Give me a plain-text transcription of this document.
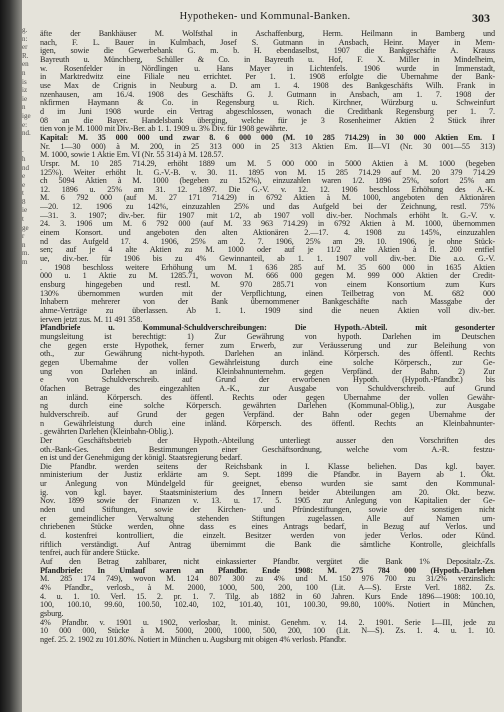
g.
n:
er
R.
en
n
is
iz
ie
n
ige
e:
nd.

.
h
nd
e
e
t
8
ie
t
ge
r
n
m.
m
Hypotheken- und Kommunal-Banken.	303
äfte der Bankhäuser M. Wolfsthal in Aschaffenburg, Herm. Heilmann in Bamberg und
nach, F. L. Bauer in Kulmbach, Josef S. Gutmann in Ansbach, Heinr. Mayer in Mem-
igen, sowie die Gewerbebank G. m. b. H. ebendaselbst, 1907 die Bankgeschäfte A. Krauss
Bayreuth u. Münchberg, Schüller & Co. in Bayreuth u. Hof, F. X. Miller in Mindelheim,
w. Rosenfelder in Nördlingen u. Hans Mayer in Lichtenfels. 1906 wurde in Immenstadt,
in Marktredwitz eine Filiale neu errichtet. Per 1. 1. 1908 erfolgte die Übernahme der Bank-
use Max de Crignis in Neuburg a. D. am 1. 4. 1908 des Bankgeschäfts Wilh. Frank in
nzenhausen, am 16./4. 1908 des Geschäfts G. J. Gutmann in Ansbach, am 1. 7. 1908 der
nkfirmen Haymann & Co. in Regensburg u. Rich. Kirchner, Würzburg u. Schweinfurt
d im Juni 1908 wurde ein Vertrag abgeschlossen, wonach die Creditbank Regensburg per 1. 7.
08 an die Bayer. Handelsbank überging, welche für je 3 Rosenheimer Aktien 2 Stück ihrer
tien von je M. 1000 mit Div.-Ber. ab 1. 1. 1909 u. 3% Div. für 1908 gewährte.
Kapital: M. 35 000 000 und zwar 8. 6 000 000 (M. 10 285 714.29) in 30 000 Aktien Em. I
Nr. 1—30 000) à M. 200, in 25 313 000 in 25 313 Aktien Em. II—VI (Nr. 30 001—55 313)
M. 1000, sowie 1 Aktie Em. VI (Nr. 55 314) à M. 128.57.
Urspr. M. 10 285 714.29, erhöht 1889 um M. 5 000 000 in 5000 Aktien à M. 1000 (begeben
125%). Weiter erhöht lt. G.-V.-B. v. 30. 11. 1895 von M. 15 285 714.29 auf M. 20 379 714.29
ch 5094 Aktien à M. 1000 (begeben zu 152%), einzuzahlen waren 1/2. 1896 25%, sofort 25% am
12. 1896 u. 25% am 31. 12. 1897. Die G.-V. v. 12. 12. 1906 beschloss Erhöhung des A.-K.
M. 6 792 000 (auf M. 27 171 714.29) in 6792 Aktien à M. 1000, angeboten den Aktionären
—20. 12. 1906 zu 142%, einzuzahlen 25% und das Aufgeld bei der Zeichnung, restl. 75%
—31. 3. 1907; div.-ber. für 1907 mit 1/2, ab 1907 voll div.-ber. Nochmals erhöht lt. G.-V. v.
24. 3. 1906 um M. 6 792 000 (auf M. 33 963 714.29) in 6792 Aktien à M. 1000, übernommen
einem Konsort. und angeboten den alten Aktionären 2.—17. 4. 1908 zu 145%, einzuzahlen
nd das Aufgeld 17. 4. 1906, 25% am 2. 7. 1906, 25% am 29. 10. 1906, je ohne Stück-
sen; auf je 4 alte Aktien zu M. 1000 oder auf je 11/2 alte Aktien à fl. 200 entfiel
ue, div.-ber. für 1906 bis zu 4% Gewinnanteil, ab 1. 1. 1907 voll div.-ber. Die a.o. G.-V.
. 1908 beschloss weitere Erhöhung um M. 1 636 285 auf M. 35 600 000 in 1635 Aktien
000 u. 1 Aktie zu M. 1285.71, wovon M. 666 000 gegen M. 999 000 Aktien der Credit-
ensburg hingegeben und restl. M. 970 285.71 von einem Konsortium zum Kurs
130% übernommen wurden mit der Verpflichtung, einen Teilbetrag von M. 682 000
Inhabern mehrerer von der Bank übernommener Bankgeschäfte nach Massgabe der
ahme-Verträge zu überlassen. Ab 1. 1. 1909 sind die neuen Aktien voll div.-ber.
ierwen jetzt zus. M. 11 491 358.
Pfandbriefe u. Kommunal-Schuldverschreibungen: Die Hypoth.-Abteil. mit gesonderter
mungsleitung ist berechtigt: 1) Zur Gewährung von hypoth. Darlehen im Deutschen
che gegen erste Hypothek, ferner zum Erwerb, zur Veräusserung und zur Beleihung von
oth., zur Gewährung nicht-hypoth. Darlehen an inländ. Körpersch. des öffentl. Rechts
gegen Übernahme der vollen Gewährleistung durch eine solche Körpersch., zur Ge-
ung von Darlehen an inländ. Kleinbahnunternehm. gegen Verpfänd. der Bahn. 2) Zur
e von Schuldverschreib. auf Grund der erworbenen Hypoth. (Hypoth.-Pfandbr.) bis
0fachen Betrage des eingezahlten A.-K., zur Ausgabe von Schuldverschreib. auf Grund
an inländ. Körpersch. des öffentl. Rechts oder gegen Übernahme der vollen Gewähr-
ng durch eine solche Körpersch. gewährten Darlehen (Kommunal-Oblig.), zur Ausgabe
huldverschreib. auf Grund der gegen Verpfänd. der Bahn oder gegen Übernahme der
n Gewährleistung durch eine inländ. Körpersch. des öffentl. Rechts an Kleinbahnunter-
. gewährten Darlehen (Kleinbahn-Oblig.).
Der Geschäftsbetrieb der Hypoth.-Abteilung unterliegt ausser den Vorschriften des
oth.-Bank-Ges. den Bestimmungen einer Geschäftsordnung, welche vom A.-R. festzu-
en ist und der Genehmigung der königl. Staatsregierung bedarf.
Die Pfandbr. werden seitens der Reichsbank in I. Klasse beliehen. Das kgl. bayer.
nministerium der Justiz erklärte am 9. Sept. 1899 die Pfandbr. in Bayern ab 1. Okt.
ur Anlegung von Mündelgeld für geeignet, ebenso wurden sie samt den Kommunal-
ig. von kgl. bayer. Staatsministerium des Innern beider Abteilungen am 20. Okt. bezw.
Nov. 1899 sowie der Finanzen v. 13. u. 17. 5. 1905 zur Anlegung von Kapitalien der Ge-
nden und Stiftungen, sowie der Kirchen- und Pfründestiftungen, sowie der sonstigen nicht
er gemeindlicher Verwaltung stehenden Stiftungen zugelassen. Alle auf Namen um-
chriebenen Stücke werden, ohne dass es eines Antrags bedarf, in Bezug auf Verlos. und
d. kostenfrei kontrolliert, die einzelt. Besitzer werden von jeder Verlos. oder Künd.
riftlich verständigt. Auf Antrag übernimmt die Bank die sämtliche Kontrolle, gleichfalls
tenfrei, auch für andere Stücke.
Auf den Betrag zahlbarer, nicht einkassierter Pfandbr. vergütet die Bank 1% Depositalz.-Zs.
Pfandbriefe: In Umlauf waren an Pfandbr. Ende 1908: M. 275 784 000 (Hypoth.-Darlehen
M. 285 174 749), wovon M. 124 807 300 zu 4% und M. 150 976 700 zu 31/2% verzinslich:
4% Pfandbr., verlosb., à M. 2000, 1000, 500, 200, 100 (Lit. A—S). Erste Verl. 1882. Zs.
4. u. 1. 10. Verl. 15. 2. pr. 1. 7. Tilg. ab 1882 in 60 Jahren. Kurs Ende 1896—1908: 100.10,
100, 100.10, 99.60, 100.50, 102.40, 102, 101.40, 101, 100.30, 99.80, 100%. Notiert in München,
gsburg.
4% Pfandbr. v. 1901 u. 1902, verlosbar, lt. minist. Genehm. v. 14. 2. 1901. Serie I—III, jede zu
10 000 000, Stücke à M. 5000, 2000, 1000, 500, 200, 100 (Lit. N—S). Zs. 1. 4. u. 1. 10.
ngef. 25. 2. 1902 zu 101.80%. Notiert in München u. Augsburg mit obigen 4% verlosb. Pfandbr.
